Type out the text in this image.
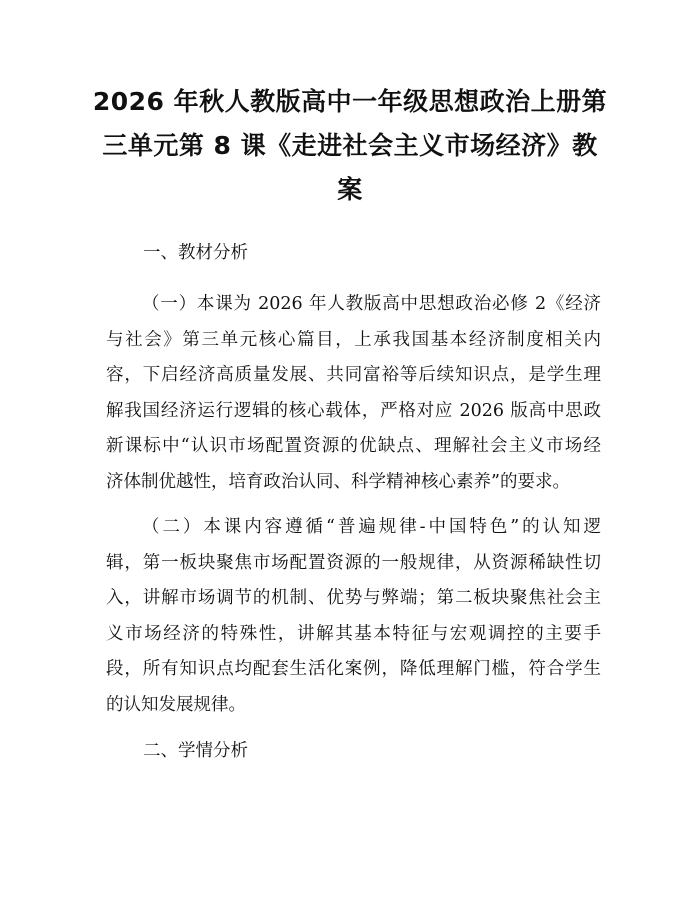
2026 年秋人教版高中一年级思想政治上册第
三单元第 8 课《走进社会主义市场经济》教
案
一、教材分析
（一）本课为 2026 年人教版高中思想政治必修 2《经济
与社会》第三单元核心篇目，上承我国基本经济制度相关内
容，下启经济高质量发展、共同富裕等后续知识点，是学生理
解我国经济运行逻辑的核心载体，严格对应 2026 版高中思政
新课标中“认识市场配置资源的优缺点、理解社会主义市场经
济体制优越性，培育政治认同、科学精神核心素养”的要求。
（二）本课内容遵循“普遍规律-中国特色”的认知逻
辑，第一板块聚焦市场配置资源的一般规律，从资源稀缺性切
入，讲解市场调节的机制、优势与弊端；第二板块聚焦社会主
义市场经济的特殊性，讲解其基本特征与宏观调控的主要手
段，所有知识点均配套生活化案例，降低理解门槛，符合学生
的认知发展规律。
二、学情分析
